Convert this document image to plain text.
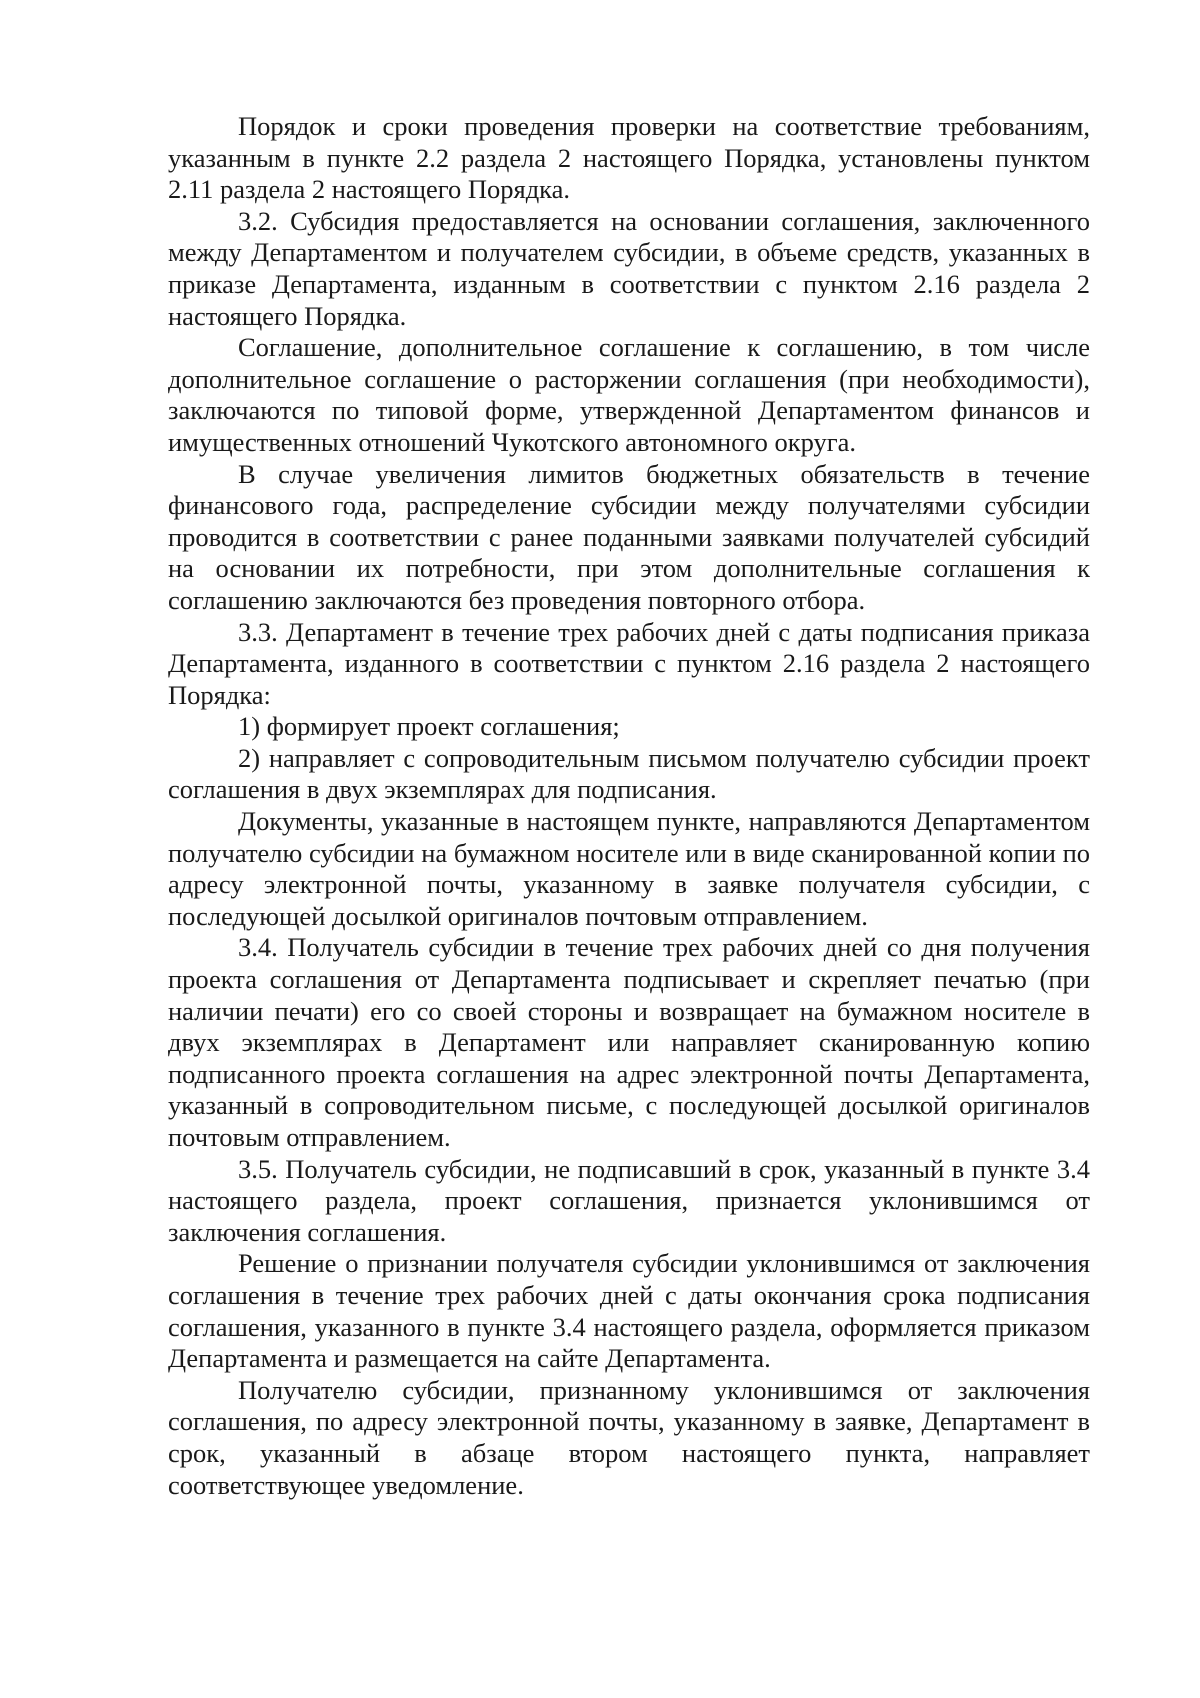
Порядок и сроки проведения проверки на соответствие требованиям, указанным в пункте 2.2 раздела 2 настоящего Порядка, установлены пунктом 2.11 раздела 2 настоящего Порядка.

3.2. Субсидия предоставляется на основании соглашения, заключенного между Департаментом и получателем субсидии, в объеме средств, указанных в приказе Департамента, изданным в соответствии с пунктом 2.16 раздела 2 настоящего Порядка.

Соглашение, дополнительное соглашение к соглашению, в том числе дополнительное соглашение о расторжении соглашения (при необходимости), заключаются по типовой форме, утвержденной Департаментом финансов и имущественных отношений Чукотского автономного округа.

В случае увеличения лимитов бюджетных обязательств в течение финансового года, распределение субсидии между получателями субсидии проводится в соответствии с ранее поданными заявками получателей субсидий на основании их потребности, при этом дополнительные соглашения к соглашению заключаются без проведения повторного отбора.

3.3. Департамент в течение трех рабочих дней с даты подписания приказа Департамента, изданного в соответствии с пунктом 2.16 раздела 2 настоящего Порядка:

1) формирует проект соглашения;

2) направляет с сопроводительным письмом получателю субсидии проект соглашения в двух экземплярах для подписания.

Документы, указанные в настоящем пункте, направляются Департаментом получателю субсидии на бумажном носителе или в виде сканированной копии по адресу электронной почты, указанному в заявке получателя субсидии, с последующей досылкой оригиналов почтовым отправлением.

3.4. Получатель субсидии в течение трех рабочих дней со дня получения проекта соглашения от Департамента подписывает и скрепляет печатью (при наличии печати) его со своей стороны и возвращает на бумажном носителе в двух экземплярах в Департамент или направляет сканированную копию подписанного проекта соглашения на адрес электронной почты Департамента, указанный в сопроводительном письме, с последующей досылкой оригиналов почтовым отправлением.

3.5. Получатель субсидии, не подписавший в срок, указанный в пункте 3.4 настоящего раздела, проект соглашения, признается уклонившимся от заключения соглашения.

Решение о признании получателя субсидии уклонившимся от заключения соглашения в течение трех рабочих дней с даты окончания срока подписания соглашения, указанного в пункте 3.4 настоящего раздела, оформляется приказом Департамента и размещается на сайте Департамента.

Получателю субсидии, признанному уклонившимся от заключения соглашения, по адресу электронной почты, указанному в заявке, Департамент в срок, указанный в абзаце втором настоящего пункта, направляет соответствующее уведомление.
